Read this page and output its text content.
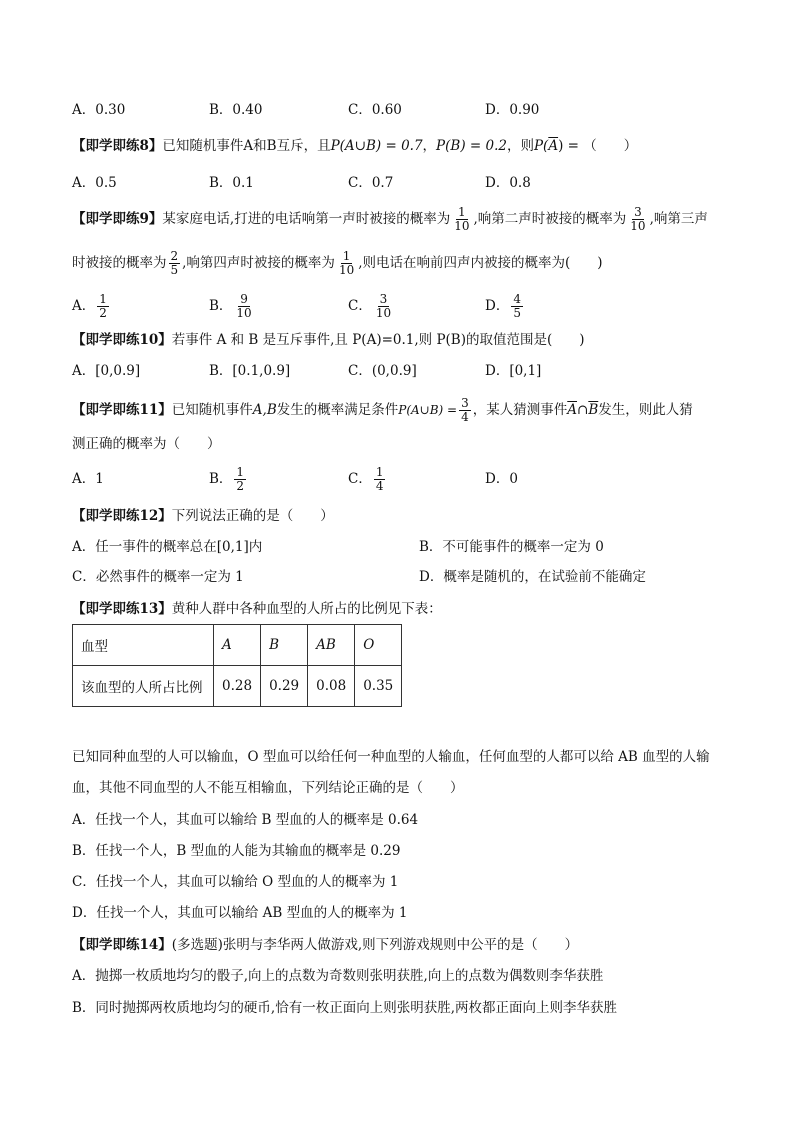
A．0.30	B．0.40	C．0.60	D．0.90
【即学即练8】已知随机事件A和B互斥，且P(A∪B) = 0.7，P(B) = 0.2，则$P(\overline{A})$ = （　　）
A．0.5	B．0.1	C．0.7	D．0.8
【即学即练9】某家庭电话,打进的电话响第一声时被接的概率为 $\frac{1}{10}$ ,响第二声时被接的概率为 $\frac{3}{10}$ ,响第三声
时被接的概率为 $\frac{2}{5}$ ,响第四声时被接的概率为 $\frac{1}{10}$ ,则电话在响前四声内被接的概率为(　　)
A． $\frac{1}{2}$	B． $\frac{9}{10}$	C． $\frac{3}{10}$	D． $\frac{4}{5}$
【即学即练10】若事件 A 和 B 是互斥事件,且 P(A)=0.1,则 P(B)的取值范围是(　　)
A．[0,0.9]	B．[0.1,0.9]	C．(0,0.9]	D．[0,1]
【即学即练11】已知随机事件A,B发生的概率满足条件P(A∪B) = $\frac{3}{4}$ ，某人猜测事件$\overline{A}\cap\overline{B}$发生，则此人猜
测正确的概率为（　　）
A．1	B． $\frac{1}{2}$	C． $\frac{1}{4}$	D．0
【即学即练12】下列说法正确的是（　　）
A．任一事件的概率总在[0,1]内	B．不可能事件的概率一定为 0
C．必然事件的概率一定为 1	D．概率是随机的，在试验前不能确定
【即学即练13】黄种人群中各种血型的人所占的比例见下表：
血型	A	B	AB	O
该血型的人所占比例	0.28	0.29	0.08	0.35
已知同种血型的人可以输血，O 型血可以给任何一种血型的人输血，任何血型的人都可以给 AB 血型的人输
血，其他不同血型的人不能互相输血，下列结论正确的是（　　）
A．任找一个人，其血可以输给 B 型血的人的概率是 0.64
B．任找一个人，B 型血的人能为其输血的概率是 0.29
C．任找一个人，其血可以输给 O 型血的人的概率为 1
D．任找一个人，其血可以输给 AB 型血的人的概率为 1
【即学即练14】(多选题)张明与李华两人做游戏,则下列游戏规则中公平的是（　　）
A．抛掷一枚质地均匀的骰子,向上的点数为奇数则张明获胜,向上的点数为偶数则李华获胜
B．同时抛掷两枚质地均匀的硬币,恰有一枚正面向上则张明获胜,两枚都正面向上则李华获胜
